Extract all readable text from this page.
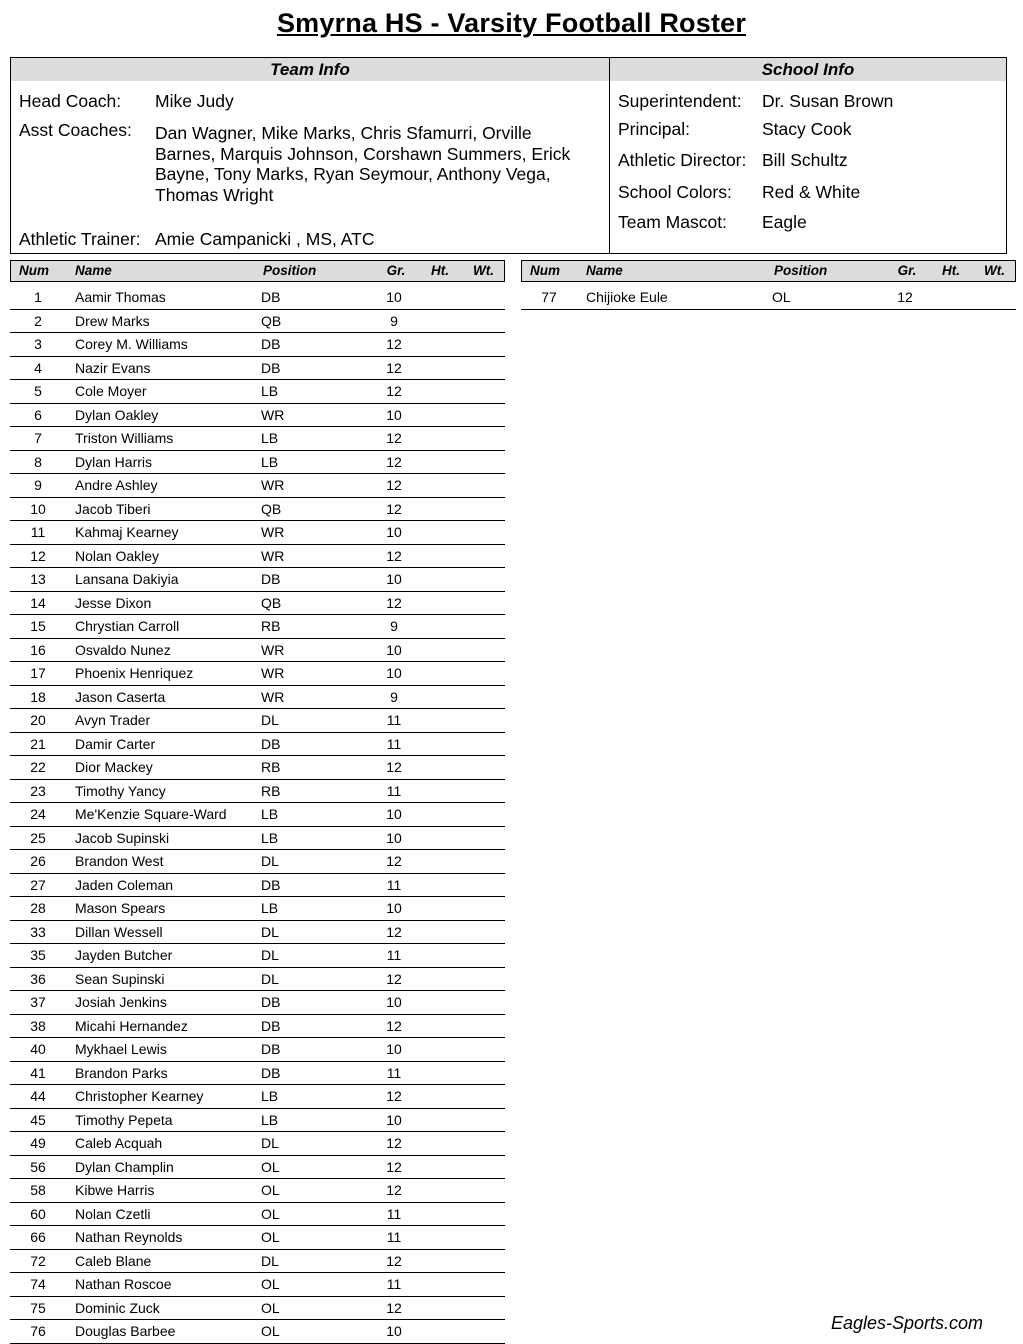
Smyrna HS - Varsity Football Roster
Team Info
Head Coach: Mike Judy
Asst Coaches: Dan Wagner, Mike Marks, Chris Sfamurri, Orville Barnes, Marquis Johnson, Corshawn Summers, Erick Bayne, Tony Marks, Ryan Seymour, Anthony Vega, Thomas Wright
Athletic Trainer: Amie Campanicki , MS, ATC
School Info
Superintendent: Dr. Susan Brown
Principal:	Stacy Cook
Athletic Director: Bill Schultz
School Colors: Red & White
Team Mascot: Eagle
Num Name	Position	Gr. Ht. Wt.
1	Aamir Thomas	DB	10
2	Drew Marks	QB	9
3	Corey M. Williams	DB	12
4	Nazir Evans	DB	12
5	Cole Moyer	LB	12
6	Dylan Oakley	WR	10
7	Triston Williams	LB	12
8	Dylan Harris	LB	12
9	Andre Ashley	WR	12
10	Jacob Tiberi	QB	12
11	Kahmaj Kearney	WR	10
12	Nolan Oakley	WR	12
13	Lansana Dakiyia	DB	10
14	Jesse Dixon	QB	12
15	Chrystian Carroll	RB	9
16	Osvaldo Nunez	WR	10
17	Phoenix Henriquez	WR	10
18	Jason Caserta	WR	9
20	Avyn Trader	DL	11
21	Damir Carter	DB	11
22	Dior Mackey	RB	12
23	Timothy Yancy	RB	11
24	Me'Kenzie Square-Ward LB	10
25	Jacob Supinski	LB	10
26	Brandon West	DL	12
27	Jaden Coleman	DB	11
28	Mason Spears	LB	10
33	Dillan Wessell	DL	12
35	Jayden Butcher	DL	11
36	Sean Supinski	DL	12
37	Josiah Jenkins	DB	10
38	Micahi Hernandez	DB	12
40	Mykhael Lewis	DB	10
41	Brandon Parks	DB	11
44	Christopher Kearney	LB	12
45	Timothy Pepeta	LB	10
49	Caleb Acquah	DL	12
56	Dylan Champlin	OL	12
58	Kibwe Harris	OL	12
60	Nolan Czetli	OL	11
66	Nathan Reynolds	OL	11
72	Caleb Blane	DL	12
74	Nathan Roscoe	OL	11
75	Dominic Zuck	OL	12
76	Douglas Barbee	OL	10
Num Name	Position	Gr. Ht. Wt.
77	Chijioke Eule	OL	12
Eagles-Sports.com
